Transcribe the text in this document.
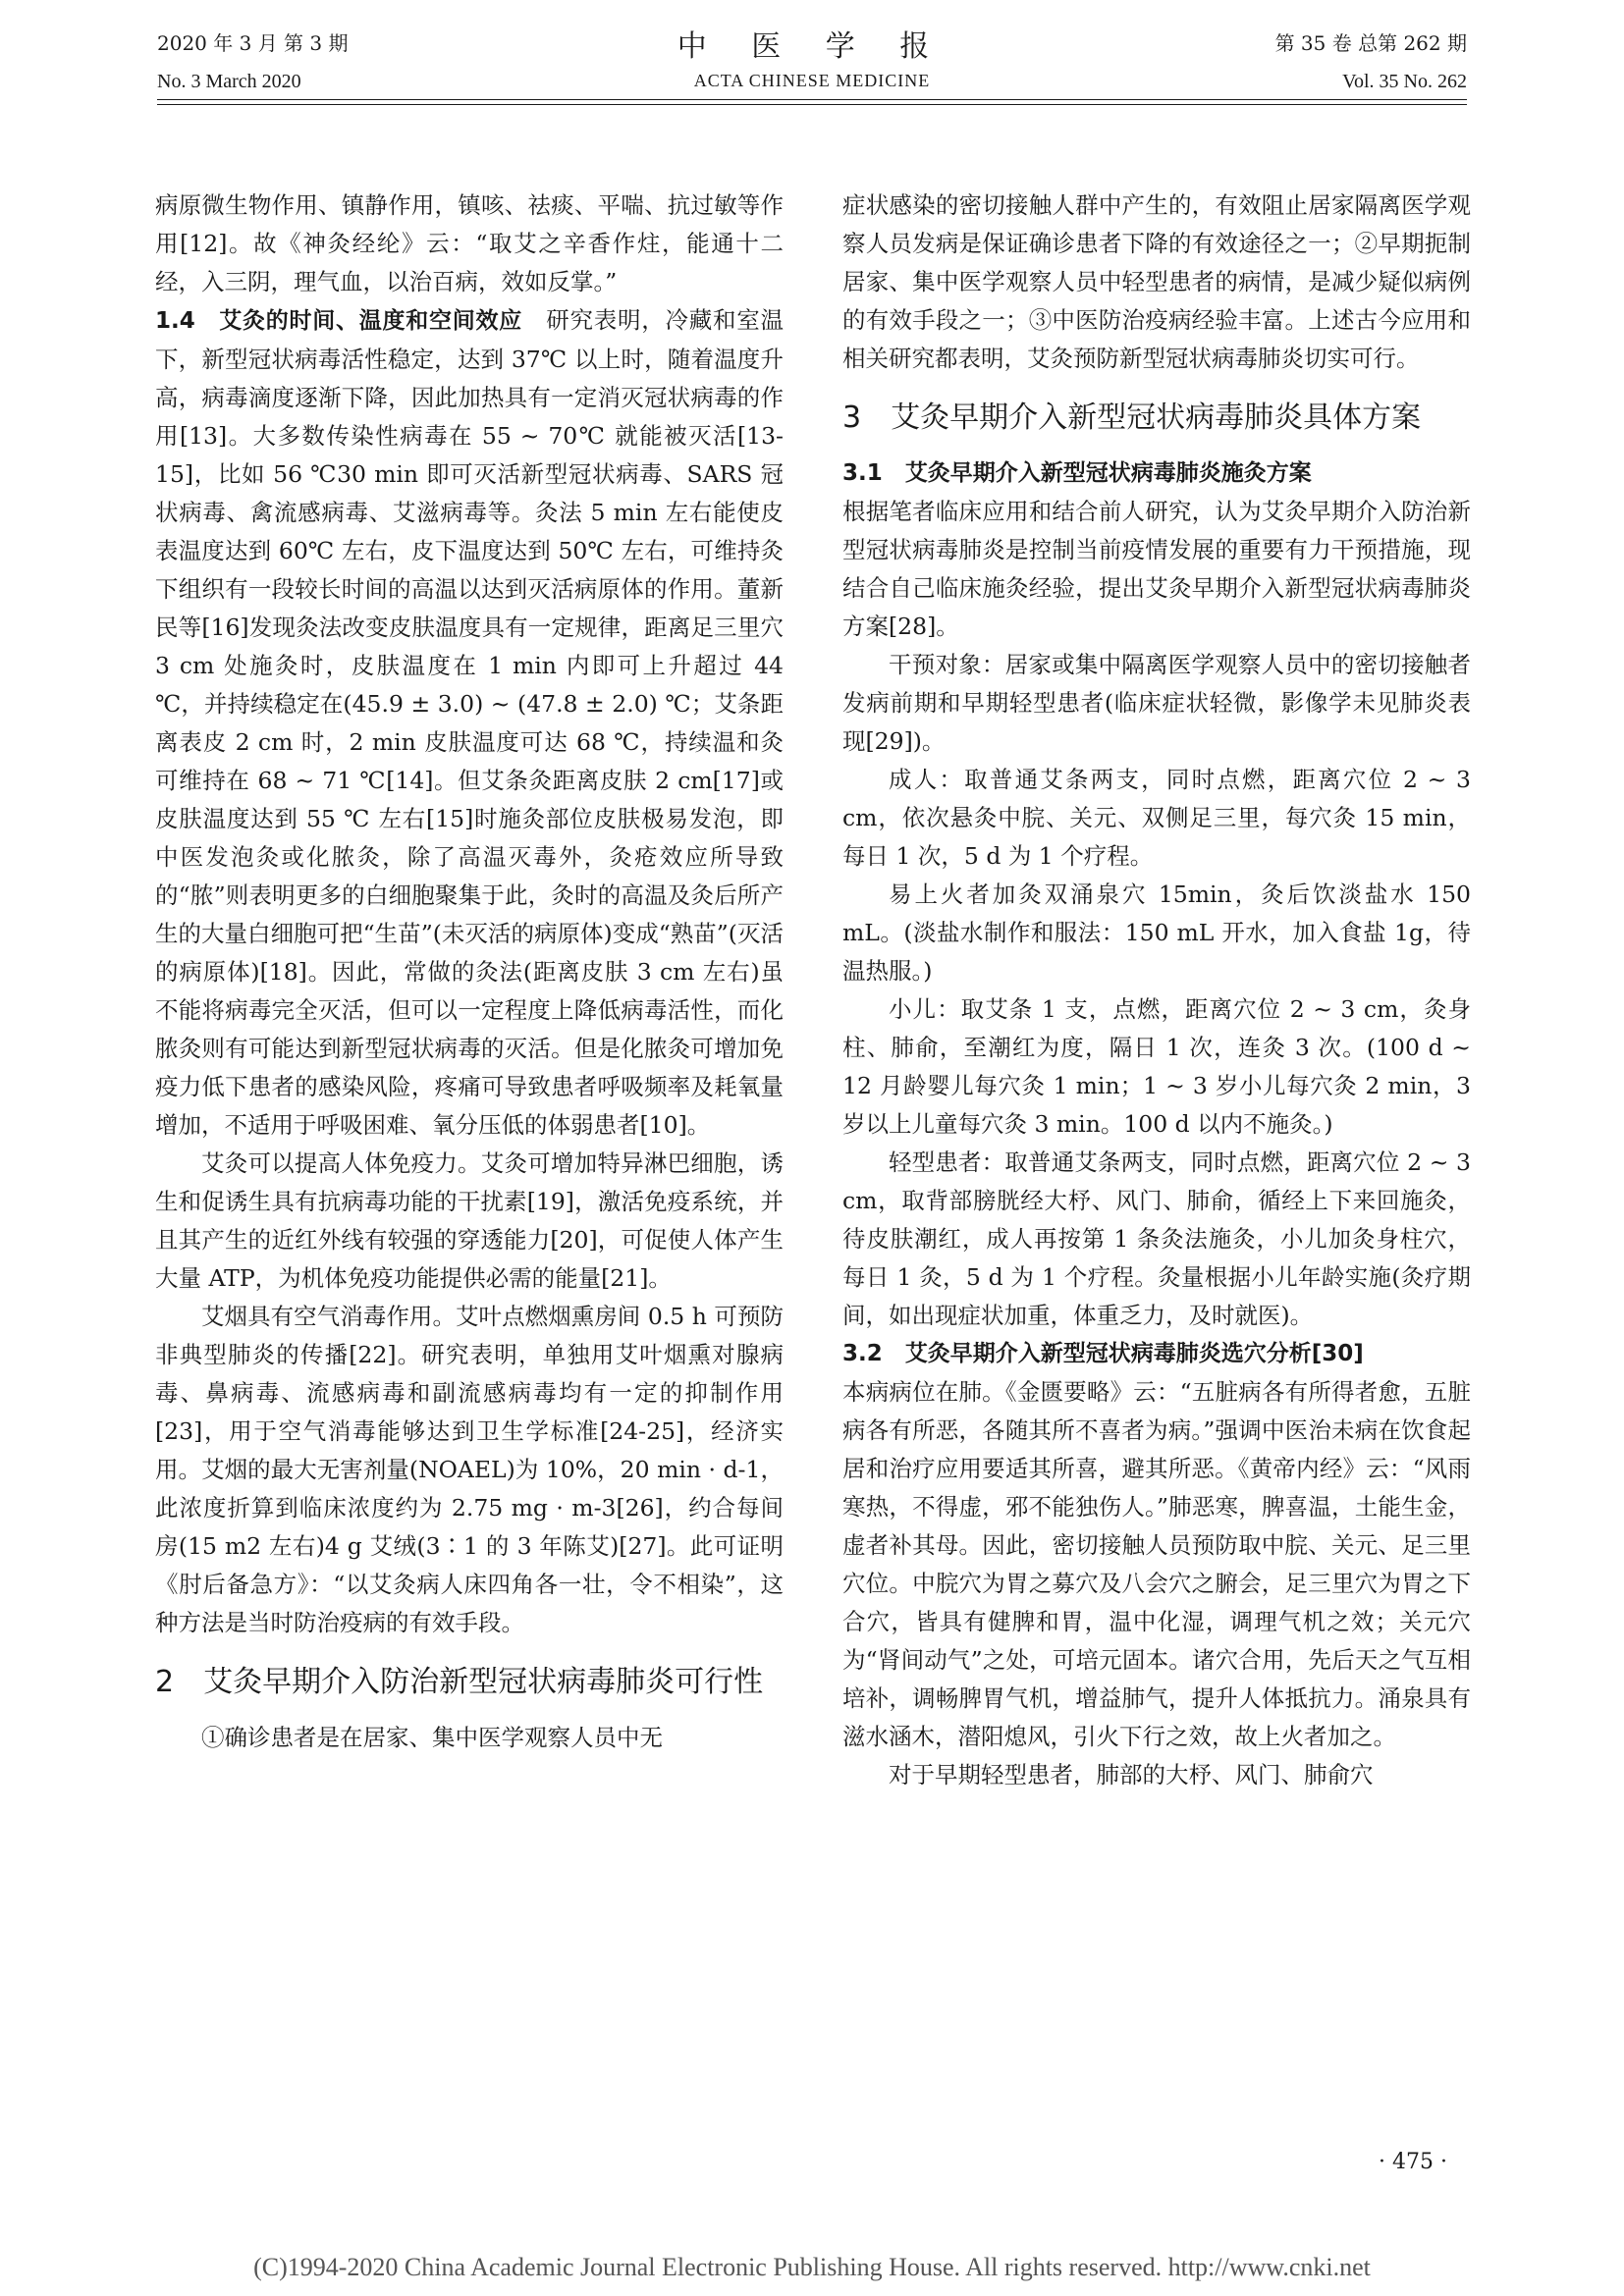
2020 年 3 月 第 3 期	中 医 学 报	第 35 卷 总第 262 期
No. 3 March 2020	ACTA CHINESE MEDICINE	Vol. 35 No. 262

病原微生物作用、镇静作用，镇咳、祛痰、平喘、抗过敏等作用[12]。故《神灸经纶》云：“取艾之辛香作炷，能通十二经，入三阴，理气血，以治百病，效如反掌。”

1.4　艾灸的时间、温度和空间效应　 研究表明，冷藏和室温下，新型冠状病毒活性稳定，达到 37℃ 以上时，随着温度升高，病毒滴度逐渐下降，因此加热具有一定消灭冠状病毒的作用[13]。大多数传染性病毒在 55 ~ 70℃ 就能被灭活[13-15]，比如 56 ℃30 min 即可灭活新型冠状病毒、SARS 冠状病毒、禽流感病毒、艾滋病毒等。灸法 5 min 左右能使皮表温度达到 60℃ 左右，皮下温度达到 50℃ 左右，可维持灸下组织有一段较长时间的高温以达到灭活病原体的作用。董新民等[16]发现灸法改变皮肤温度具有一定规律，距离足三里穴 3 cm 处施灸时，皮肤温度在 1 min 内即可上升超过 44 ℃，并持续稳定在(45.9 ± 3.0) ~ (47.8 ± 2.0) ℃；艾条距离表皮 2 cm 时，2 min 皮肤温度可达 68 ℃，持续温和灸可维持在 68 ~ 71 ℃[14]。但艾条灸距离皮肤 2 cm[17]或皮肤温度达到 55 ℃ 左右[15]时施灸部位皮肤极易发泡，即中医发泡灸或化脓灸，除了高温灭毒外，灸疮效应所导致的“脓”则表明更多的白细胞聚集于此，灸时的高温及灸后所产生的大量白细胞可把“生苗”(未灭活的病原体)变成“熟苗”(灭活的病原体)[18]。因此，常做的灸法(距离皮肤 3 cm 左右)虽不能将病毒完全灭活，但可以一定程度上降低病毒活性，而化脓灸则有可能达到新型冠状病毒的灭活。但是化脓灸可增加免疫力低下患者的感染风险，疼痛可导致患者呼吸频率及耗氧量增加，不适用于呼吸困难、氧分压低的体弱患者[10]。

艾灸可以提高人体免疫力。艾灸可增加特异淋巴细胞，诱生和促诱生具有抗病毒功能的干扰素[19]，激活免疫系统，并且其产生的近红外线有较强的穿透能力[20]，可促使人体产生大量 ATP，为机体免疫功能提供必需的能量[21]。

艾烟具有空气消毒作用。艾叶点燃烟熏房间 0.5 h 可预防非典型肺炎的传播[22]。研究表明，单独用艾叶烟熏对腺病毒、鼻病毒、流感病毒和副流感病毒均有一定的抑制作用[23]，用于空气消毒能够达到卫生学标准[24-25]，经济实用。艾烟的最大无害剂量(NOAEL)为 10%，20 min · d-1，此浓度折算到临床浓度约为 2.75 mg · m-3[26]，约合每间房(15 m2 左右)4 g 艾绒(3∶1 的 3 年陈艾)[27]。此可证明《肘后备急方》：“以艾灸病人床四角各一壮，令不相染”，这种方法是当时防治疫病的有效手段。

2　艾灸早期介入防治新型冠状病毒肺炎可行性

①确诊患者是在居家、集中医学观察人员中无

症状感染的密切接触人群中产生的，有效阻止居家隔离医学观察人员发病是保证确诊患者下降的有效途径之一；②早期扼制居家、集中医学观察人员中轻型患者的病情，是减少疑似病例的有效手段之一；③中医防治疫病经验丰富。上述古今应用和相关研究都表明，艾灸预防新型冠状病毒肺炎切实可行。

3　艾灸早期介入新型冠状病毒肺炎具体方案

3.1　艾灸早期介入新型冠状病毒肺炎施灸方案

根据笔者临床应用和结合前人研究，认为艾灸早期介入防治新型冠状病毒肺炎是控制当前疫情发展的重要有力干预措施，现结合自己临床施灸经验，提出艾灸早期介入新型冠状病毒肺炎方案[28]。

干预对象：居家或集中隔离医学观察人员中的密切接触者发病前期和早期轻型患者(临床症状轻微，影像学未见肺炎表现[29])。

成人：取普通艾条两支，同时点燃，距离穴位 2 ~ 3 cm，依次悬灸中脘、关元、双侧足三里，每穴灸 15 min，每日 1 次，5 d 为 1 个疗程。

易上火者加灸双涌泉穴 15min，灸后饮淡盐水 150 mL。(淡盐水制作和服法：150 mL 开水，加入食盐 1g，待温热服。)

小儿：取艾条 1 支，点燃，距离穴位 2 ~ 3 cm，灸身柱、肺俞，至潮红为度，隔日 1 次，连灸 3 次。(100 d ~ 12 月龄婴儿每穴灸 1 min；1 ~ 3 岁小儿每穴灸 2 min，3 岁以上儿童每穴灸 3 min。100 d 以内不施灸。)

轻型患者：取普通艾条两支，同时点燃，距离穴位 2 ~ 3 cm，取背部膀胱经大杼、风门、肺俞，循经上下来回施灸，待皮肤潮红，成人再按第 1 条灸法施灸，小儿加灸身柱穴，每日 1 灸，5 d 为 1 个疗程。灸量根据小儿年龄实施(灸疗期间，如出现症状加重，体重乏力，及时就医)。

3.2　艾灸早期介入新型冠状病毒肺炎选穴分析[30]

本病病位在肺。《金匮要略》云：“五脏病各有所得者愈，五脏病各有所恶，各随其所不喜者为病。”强调中医治未病在饮食起居和治疗应用要适其所喜，避其所恶。《黄帝内经》云：“风雨寒热，不得虚，邪不能独伤人。”肺恶寒，脾喜温，土能生金，虚者补其母。因此，密切接触人员预防取中脘、关元、足三里穴位。中脘穴为胃之募穴及八会穴之腑会，足三里穴为胃之下合穴，皆具有健脾和胃，温中化湿，调理气机之效；关元穴为“肾间动气”之处，可培元固本。诸穴合用，先后天之气互相培补，调畅脾胃气机，增益肺气，提升人体抵抗力。涌泉具有滋水涵木，潜阳熄风，引火下行之效，故上火者加之。

对于早期轻型患者，肺部的大杼、风门、肺俞穴

· 475 ·
(C)1994-2020 China Academic Journal Electronic Publishing House. All rights reserved. http://www.cnki.net
